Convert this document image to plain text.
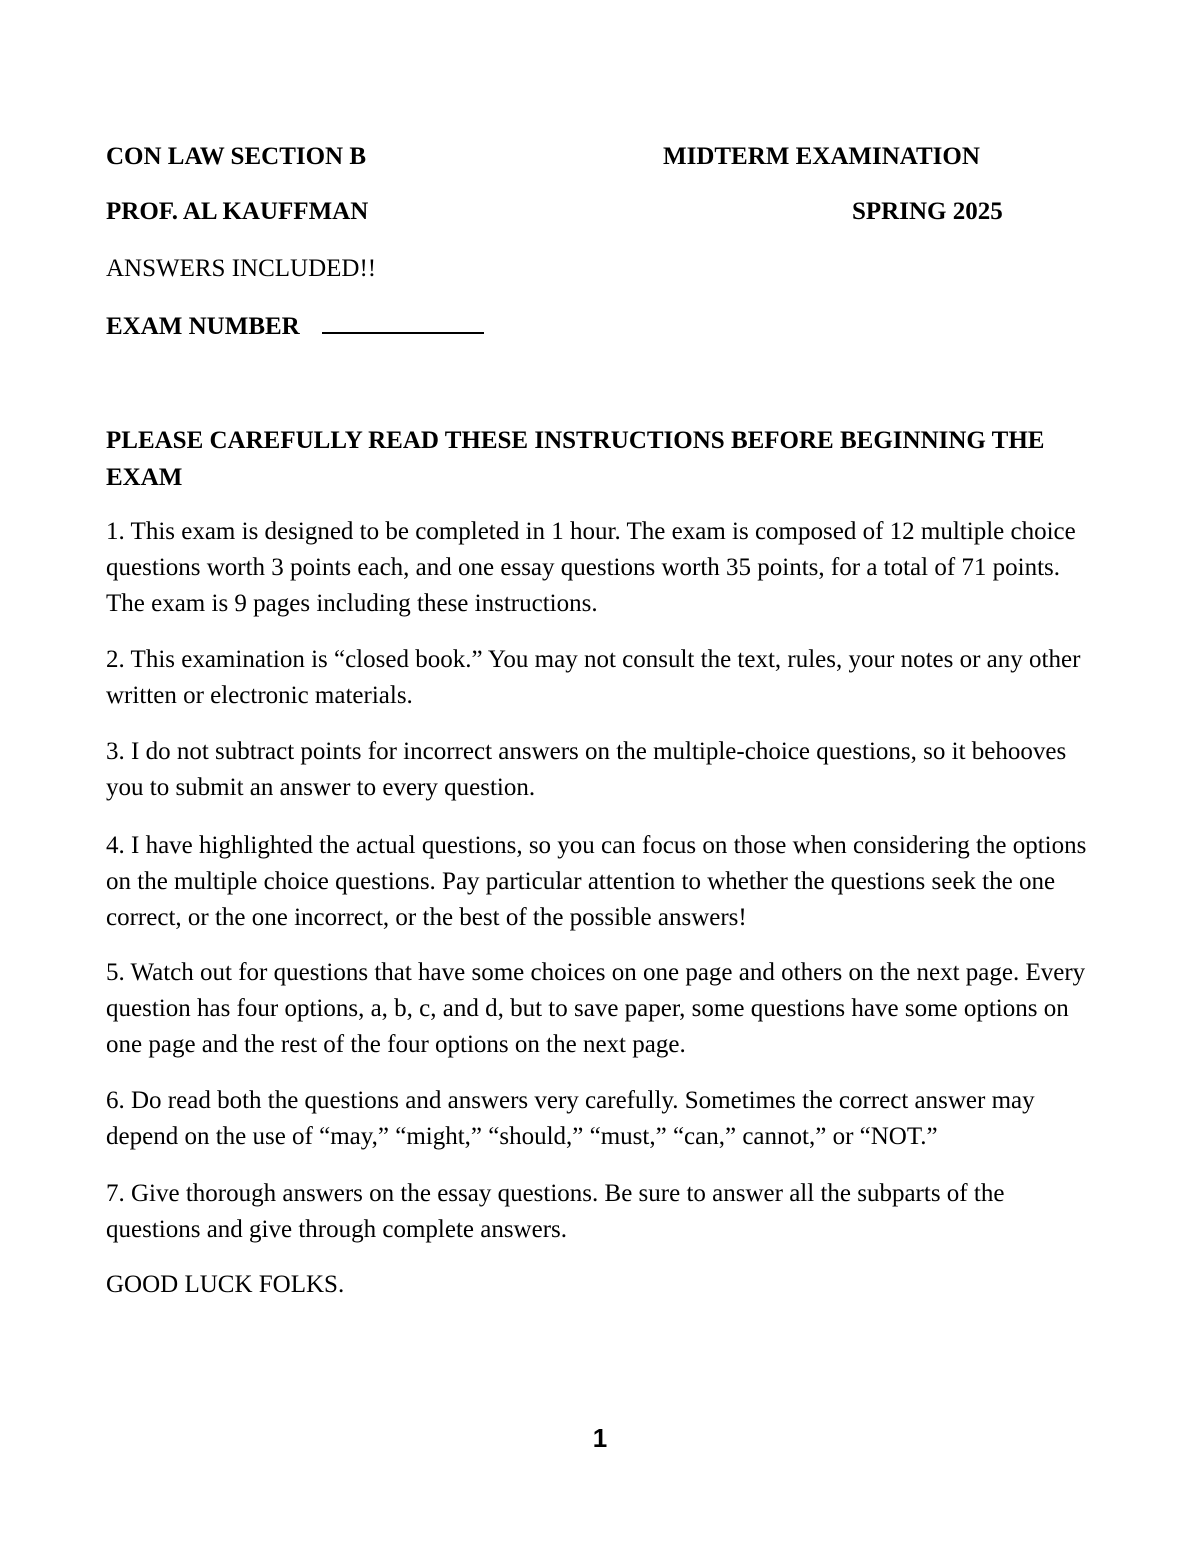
CON LAW SECTION B	MIDTERM EXAMINATION
PROF. AL KAUFFMAN	SPRING 2025
ANSWERS INCLUDED!!
EXAM NUMBER
PLEASE CAREFULLY READ THESE INSTRUCTIONS BEFORE BEGINNING THE EXAM
1. This exam is designed to be completed in 1 hour. The exam is composed of 12 multiple choice questions worth 3 points each, and one essay questions worth 35 points, for a total of 71 points. The exam is 9 pages including these instructions.
2. This examination is “closed book.” You may not consult the text, rules, your notes or any other written or electronic materials.
3. I do not subtract points for incorrect answers on the multiple-choice questions, so it behooves you to submit an answer to every question.
4. I have highlighted the actual questions, so you can focus on those when considering the options on the multiple choice questions. Pay particular attention to whether the questions seek the one correct, or the one incorrect, or the best of the possible answers!
5. Watch out for questions that have some choices on one page and others on the next page. Every question has four options, a, b, c, and d, but to save paper, some questions have some options on one page and the rest of the four options on the next page.
6. Do read both the questions and answers very carefully. Sometimes the correct answer may depend on the use of “may,” “might,” “should,” “must,” “can,” cannot,” or “NOT.”
7. Give thorough answers on the essay questions. Be sure to answer all the subparts of the questions and give through complete answers.
GOOD LUCK FOLKS.
1
